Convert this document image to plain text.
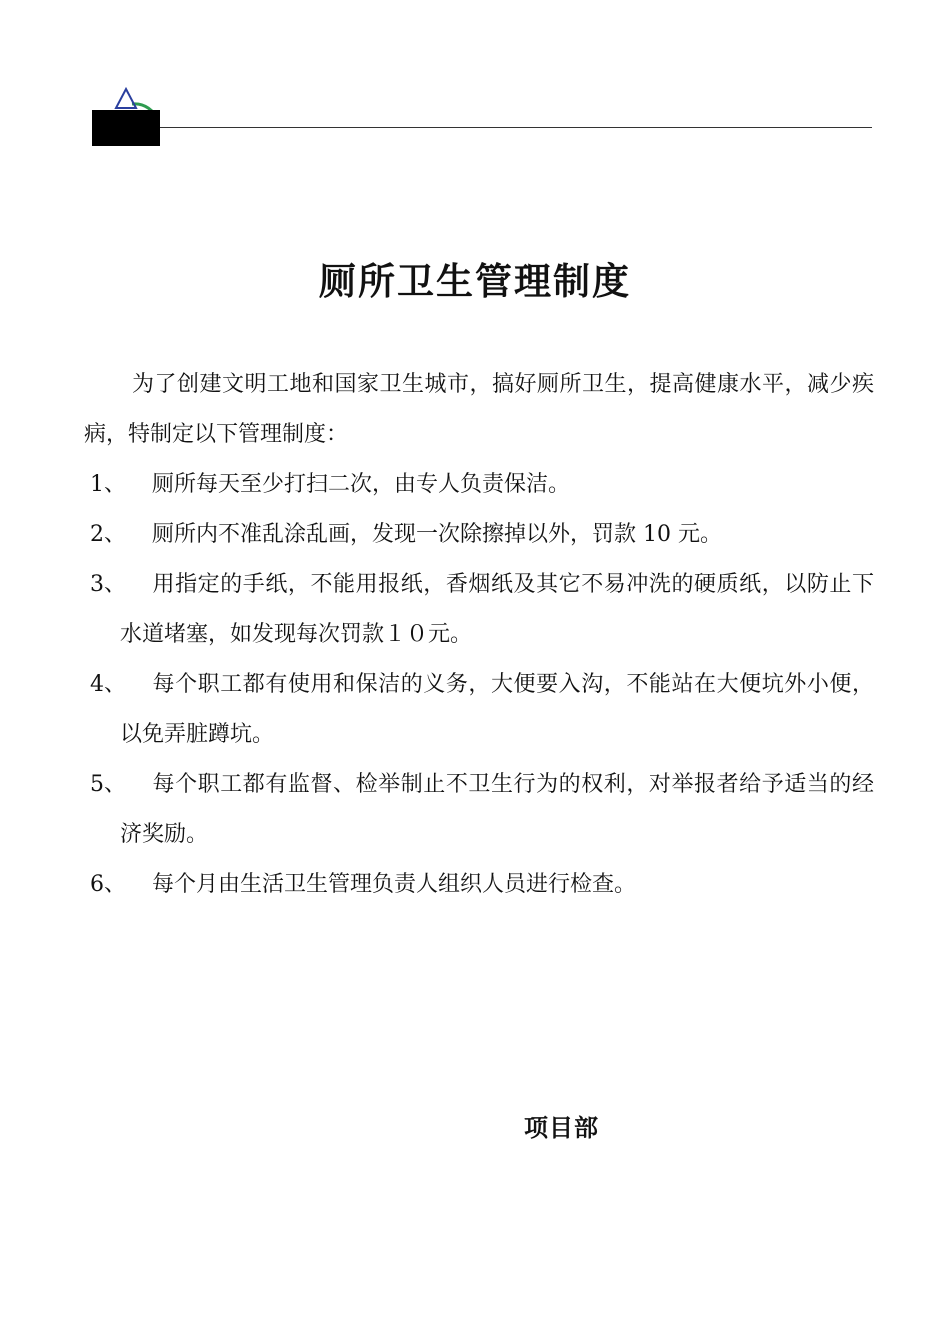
厕所卫生管理制度

为了创建文明工地和国家卫生城市，搞好厕所卫生，提高健康水平，减少疾病，特制定以下管理制度：

1、	厕所每天至少打扫二次，由专人负责保洁。
2、	厕所内不准乱涂乱画，发现一次除擦掉以外，罚款 10 元。
3、	用指定的手纸，不能用报纸，香烟纸及其它不易冲洗的硬质纸，以防止下水道堵塞，如发现每次罚款１０元。
4、	每个职工都有使用和保洁的义务，大便要入沟，不能站在大便坑外小便，以免弄脏蹲坑。
5、	每个职工都有监督、检举制止不卫生行为的权利，对举报者给予适当的经济奖励。
6、	每个月由生活卫生管理负责人组织人员进行检查。
项目部
